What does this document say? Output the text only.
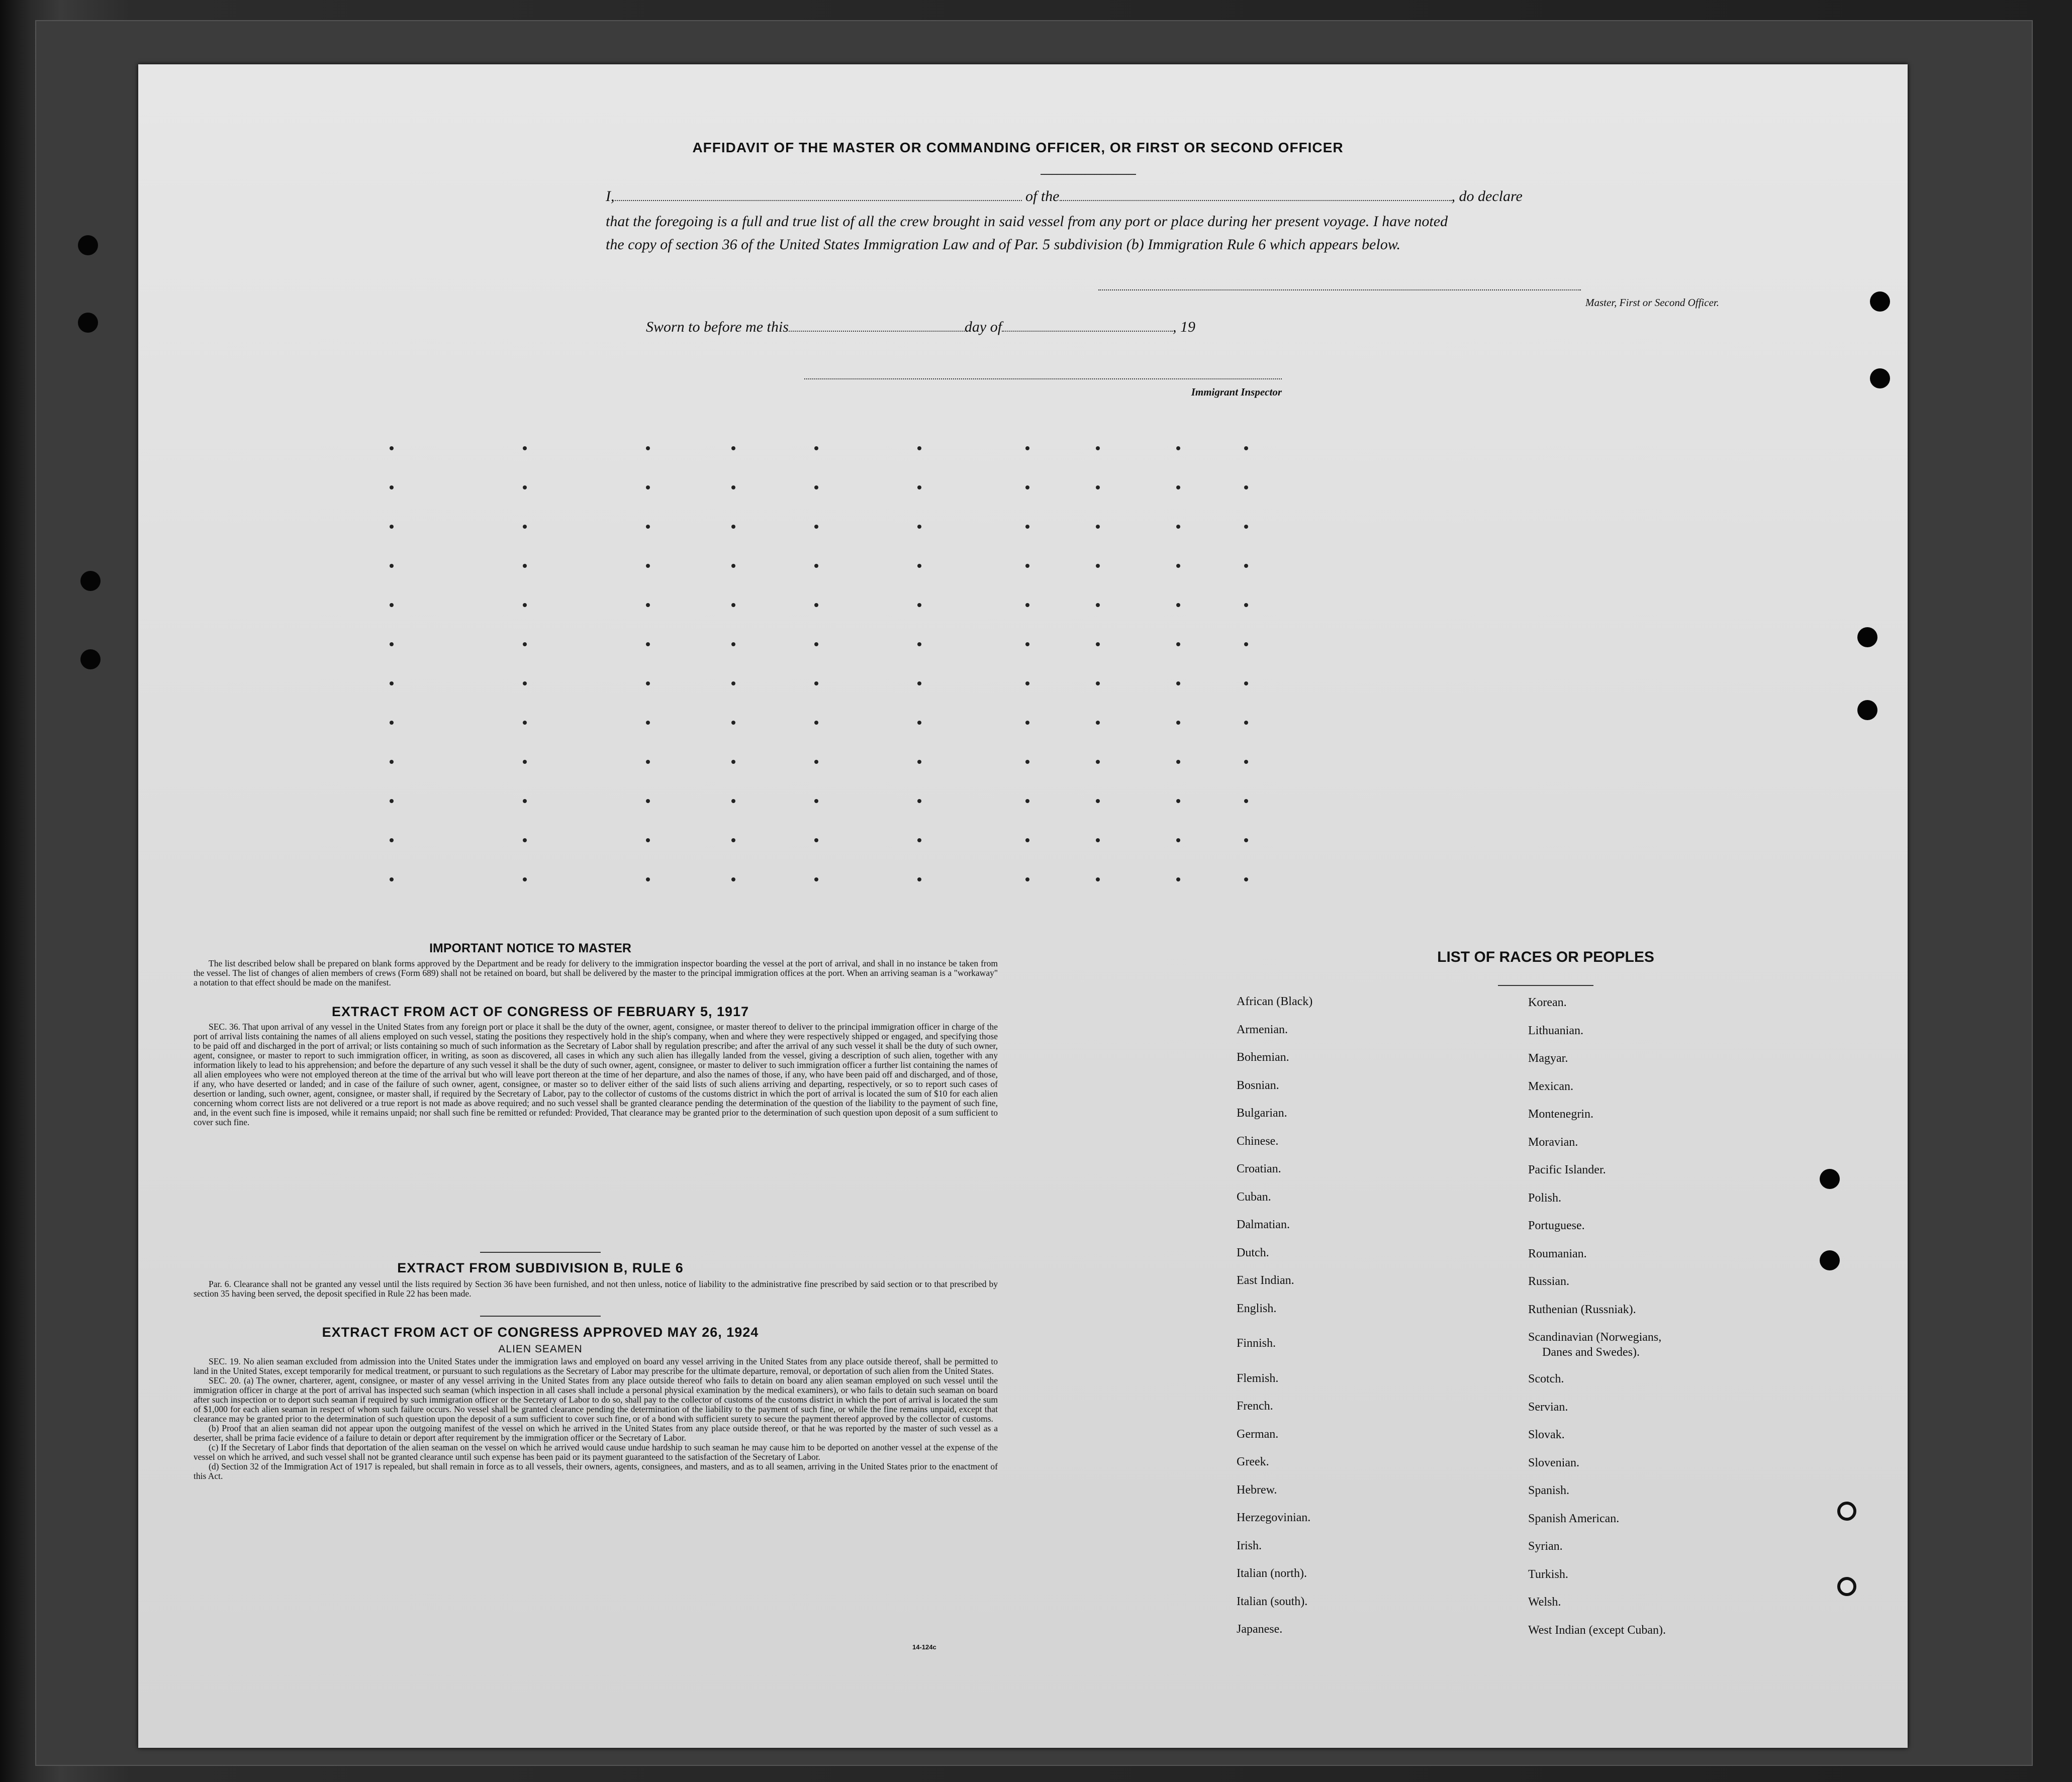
AFFIDAVIT OF THE MASTER OR COMMANDING OFFICER, OR FIRST OR SECOND OFFICER
I,	of the	, do declare
that the foregoing is a full and true list of all the crew brought in said vessel from any port or place during her present voyage. I have noted
the copy of section 36 of the United States Immigration Law and of Par. 5 subdivision (b) Immigration Rule 6 which appears below.
Master, First or Second Officer.
Sworn to before me this	day of	, 19
Immigrant Inspector
IMPORTANT NOTICE TO MASTER
The list described below shall be prepared on blank forms approved by the Department and be ready for delivery to the immigration inspector boarding the vessel at the port of arrival, and shall in no instance be taken from the vessel. The list of changes of alien members of crews (Form 689) shall not be retained on board, but shall be delivered by the master to the principal immigration offices at the port. When an arriving seaman is a "workaway" a notation to that effect should be made on the manifest.
EXTRACT FROM ACT OF CONGRESS OF FEBRUARY 5, 1917
SEC. 36. That upon arrival of any vessel in the United States from any foreign port or place it shall be the duty of the owner, agent, consignee, or master thereof to deliver to the principal immigration officer in charge of the port of arrival lists containing the names of all aliens employed on such vessel, stating the positions they respectively hold in the ship's company, when and where they were respectively shipped or engaged, and specifying those to be paid off and discharged in the port of arrival; or lists containing so much of such information as the Secretary of Labor shall by regulation prescribe; and after the arrival of any such vessel it shall be the duty of such owner, agent, consignee, or master to report to such immigration officer, in writing, as soon as discovered, all cases in which any such alien has illegally landed from the vessel, giving a description of such alien, together with any information likely to lead to his apprehension; and before the departure of any such vessel it shall be the duty of such owner, agent, consignee, or master to deliver to such immigration officer a further list containing the names of all alien employees who were not employed thereon at the time of the arrival but who will leave port thereon at the time of her departure, and also the names of those, if any, who have been paid off and discharged, and of those, if any, who have deserted or landed; and in case of the failure of such owner, agent, consignee, or master so to deliver either of the said lists of such aliens arriving and departing, respectively, or so to report such cases of desertion or landing, such owner, agent, consignee, or master shall, if required by the Secretary of Labor, pay to the collector of customs of the customs district in which the port of arrival is located the sum of $10 for each alien concerning whom correct lists are not delivered or a true report is not made as above required; and no such vessel shall be granted clearance pending the determination of the question of the liability to the payment of such fine, and, in the event such fine is imposed, while it remains unpaid; nor shall such fine be remitted or refunded: Provided, That clearance may be granted prior to the determination of such question upon deposit of a sum sufficient to cover such fine.
EXTRACT FROM SUBDIVISION B, RULE 6
Par. 6. Clearance shall not be granted any vessel until the lists required by Section 36 have been furnished, and not then unless, notice of liability to the administrative fine prescribed by said section or to that prescribed by section 35 having been served, the deposit specified in Rule 22 has been made.
EXTRACT FROM ACT OF CONGRESS APPROVED MAY 26, 1924
ALIEN SEAMEN
SEC. 19. No alien seaman excluded from admission into the United States under the immigration laws and employed on board any vessel arriving in the United States from any place outside thereof, shall be permitted to land in the United States, except temporarily for medical treatment, or pursuant to such regulations as the Secretary of Labor may prescribe for the ultimate departure, removal, or deportation of such alien from the United States.
SEC. 20. (a) The owner, charterer, agent, consignee, or master of any vessel arriving in the United States from any place outside thereof who fails to detain on board any alien seaman employed on such vessel until the immigration officer in charge at the port of arrival has inspected such seaman (which inspection in all cases shall include a personal physical examination by the medical examiners), or who fails to detain such seaman on board after such inspection or to deport such seaman if required by such immigration officer or the Secretary of Labor to do so, shall pay to the collector of customs of the customs district in which the port of arrival is located the sum of $1,000 for each alien seaman in respect of whom such failure occurs. No vessel shall be granted clearance pending the determination of the liability to the payment of such fine, or while the fine remains unpaid, except that clearance may be granted prior to the determination of such question upon the deposit of a sum sufficient to cover such fine, or of a bond with sufficient surety to secure the payment thereof approved by the collector of customs.
(b) Proof that an alien seaman did not appear upon the outgoing manifest of the vessel on which he arrived in the United States from any place outside thereof, or that he was reported by the master of such vessel as a deserter, shall be prima facie evidence of a failure to detain or deport after requirement by the immigration officer or the Secretary of Labor.
(c) If the Secretary of Labor finds that deportation of the alien seaman on the vessel on which he arrived would cause undue hardship to such seaman he may cause him to be deported on another vessel at the expense of the vessel on which he arrived, and such vessel shall not be granted clearance until such expense has been paid or its payment guaranteed to the satisfaction of the Secretary of Labor.
(d) Section 32 of the Immigration Act of 1917 is repealed, but shall remain in force as to all vessels, their owners, agents, consignees, and masters, and as to all seamen, arriving in the United States prior to the enactment of this Act.
14-124c
LIST OF RACES OR PEOPLES
African (Black)
Armenian.
Bohemian.
Bosnian.
Bulgarian.
Chinese.
Croatian.
Cuban.
Dalmatian.
Dutch.
East Indian.
English.
Finnish.
Flemish.
French.
German.
Greek.
Hebrew.
Herzegovinian.
Irish.
Italian (north).
Italian (south).
Japanese.
Korean.
Lithuanian.
Magyar.
Mexican.
Montenegrin.
Moravian.
Pacific Islander.
Polish.
Portuguese.
Roumanian.
Russian.
Ruthenian (Russniak).
Scandinavian (Norwegians,
Danes and Swedes).
Scotch.
Servian.
Slovak.
Slovenian.
Spanish.
Spanish American.
Syrian.
Turkish.
Welsh.
West Indian (except Cuban).
